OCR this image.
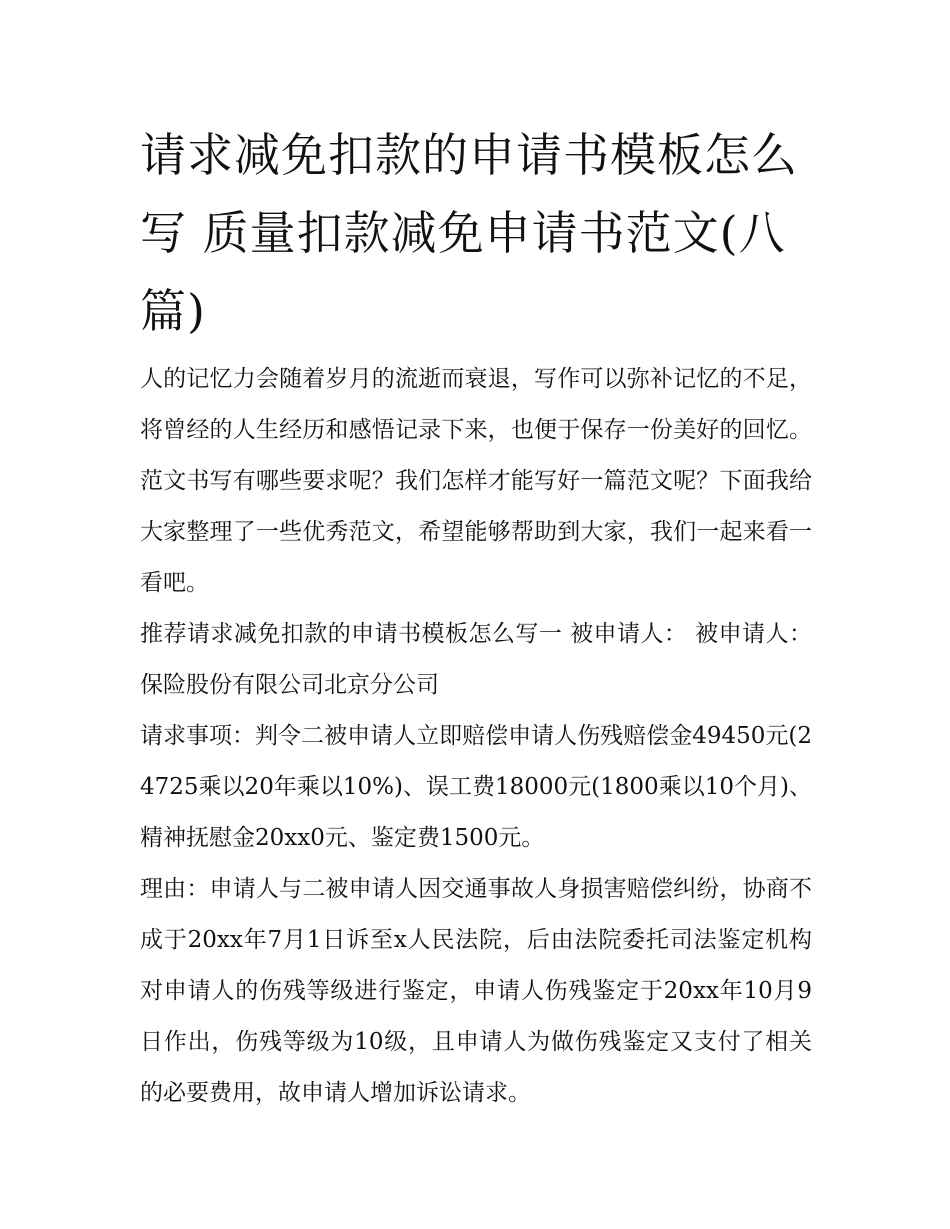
请求减免扣款的申请书模板怎么写 质量扣款减免申请书范文(八篇)

人的记忆力会随着岁月的流逝而衰退，写作可以弥补记忆的不足，将曾经的人生经历和感悟记录下来，也便于保存一份美好的回忆。范文书写有哪些要求呢？我们怎样才能写好一篇范文呢？下面我给大家整理了一些优秀范文，希望能够帮助到大家，我们一起来看一看吧。

推荐请求减免扣款的申请书模板怎么写一 被申请人： 被申请人：保险股份有限公司北京分公司

请求事项：判令二被申请人立即赔偿申请人伤残赔偿金49450元(24725乘以20年乘以10%)、误工费18000元(1800乘以10个月)、精神抚慰金20xx0元、鉴定费1500元。

理由：申请人与二被申请人因交通事故人身损害赔偿纠纷，协商不成于20xx年7月1日诉至x人民法院，后由法院委托司法鉴定机构对申请人的伤残等级进行鉴定，申请人伤残鉴定于20xx年10月9日作出，伤残等级为10级，且申请人为做伤残鉴定又支付了相关的必要费用，故申请人增加诉讼请求。
